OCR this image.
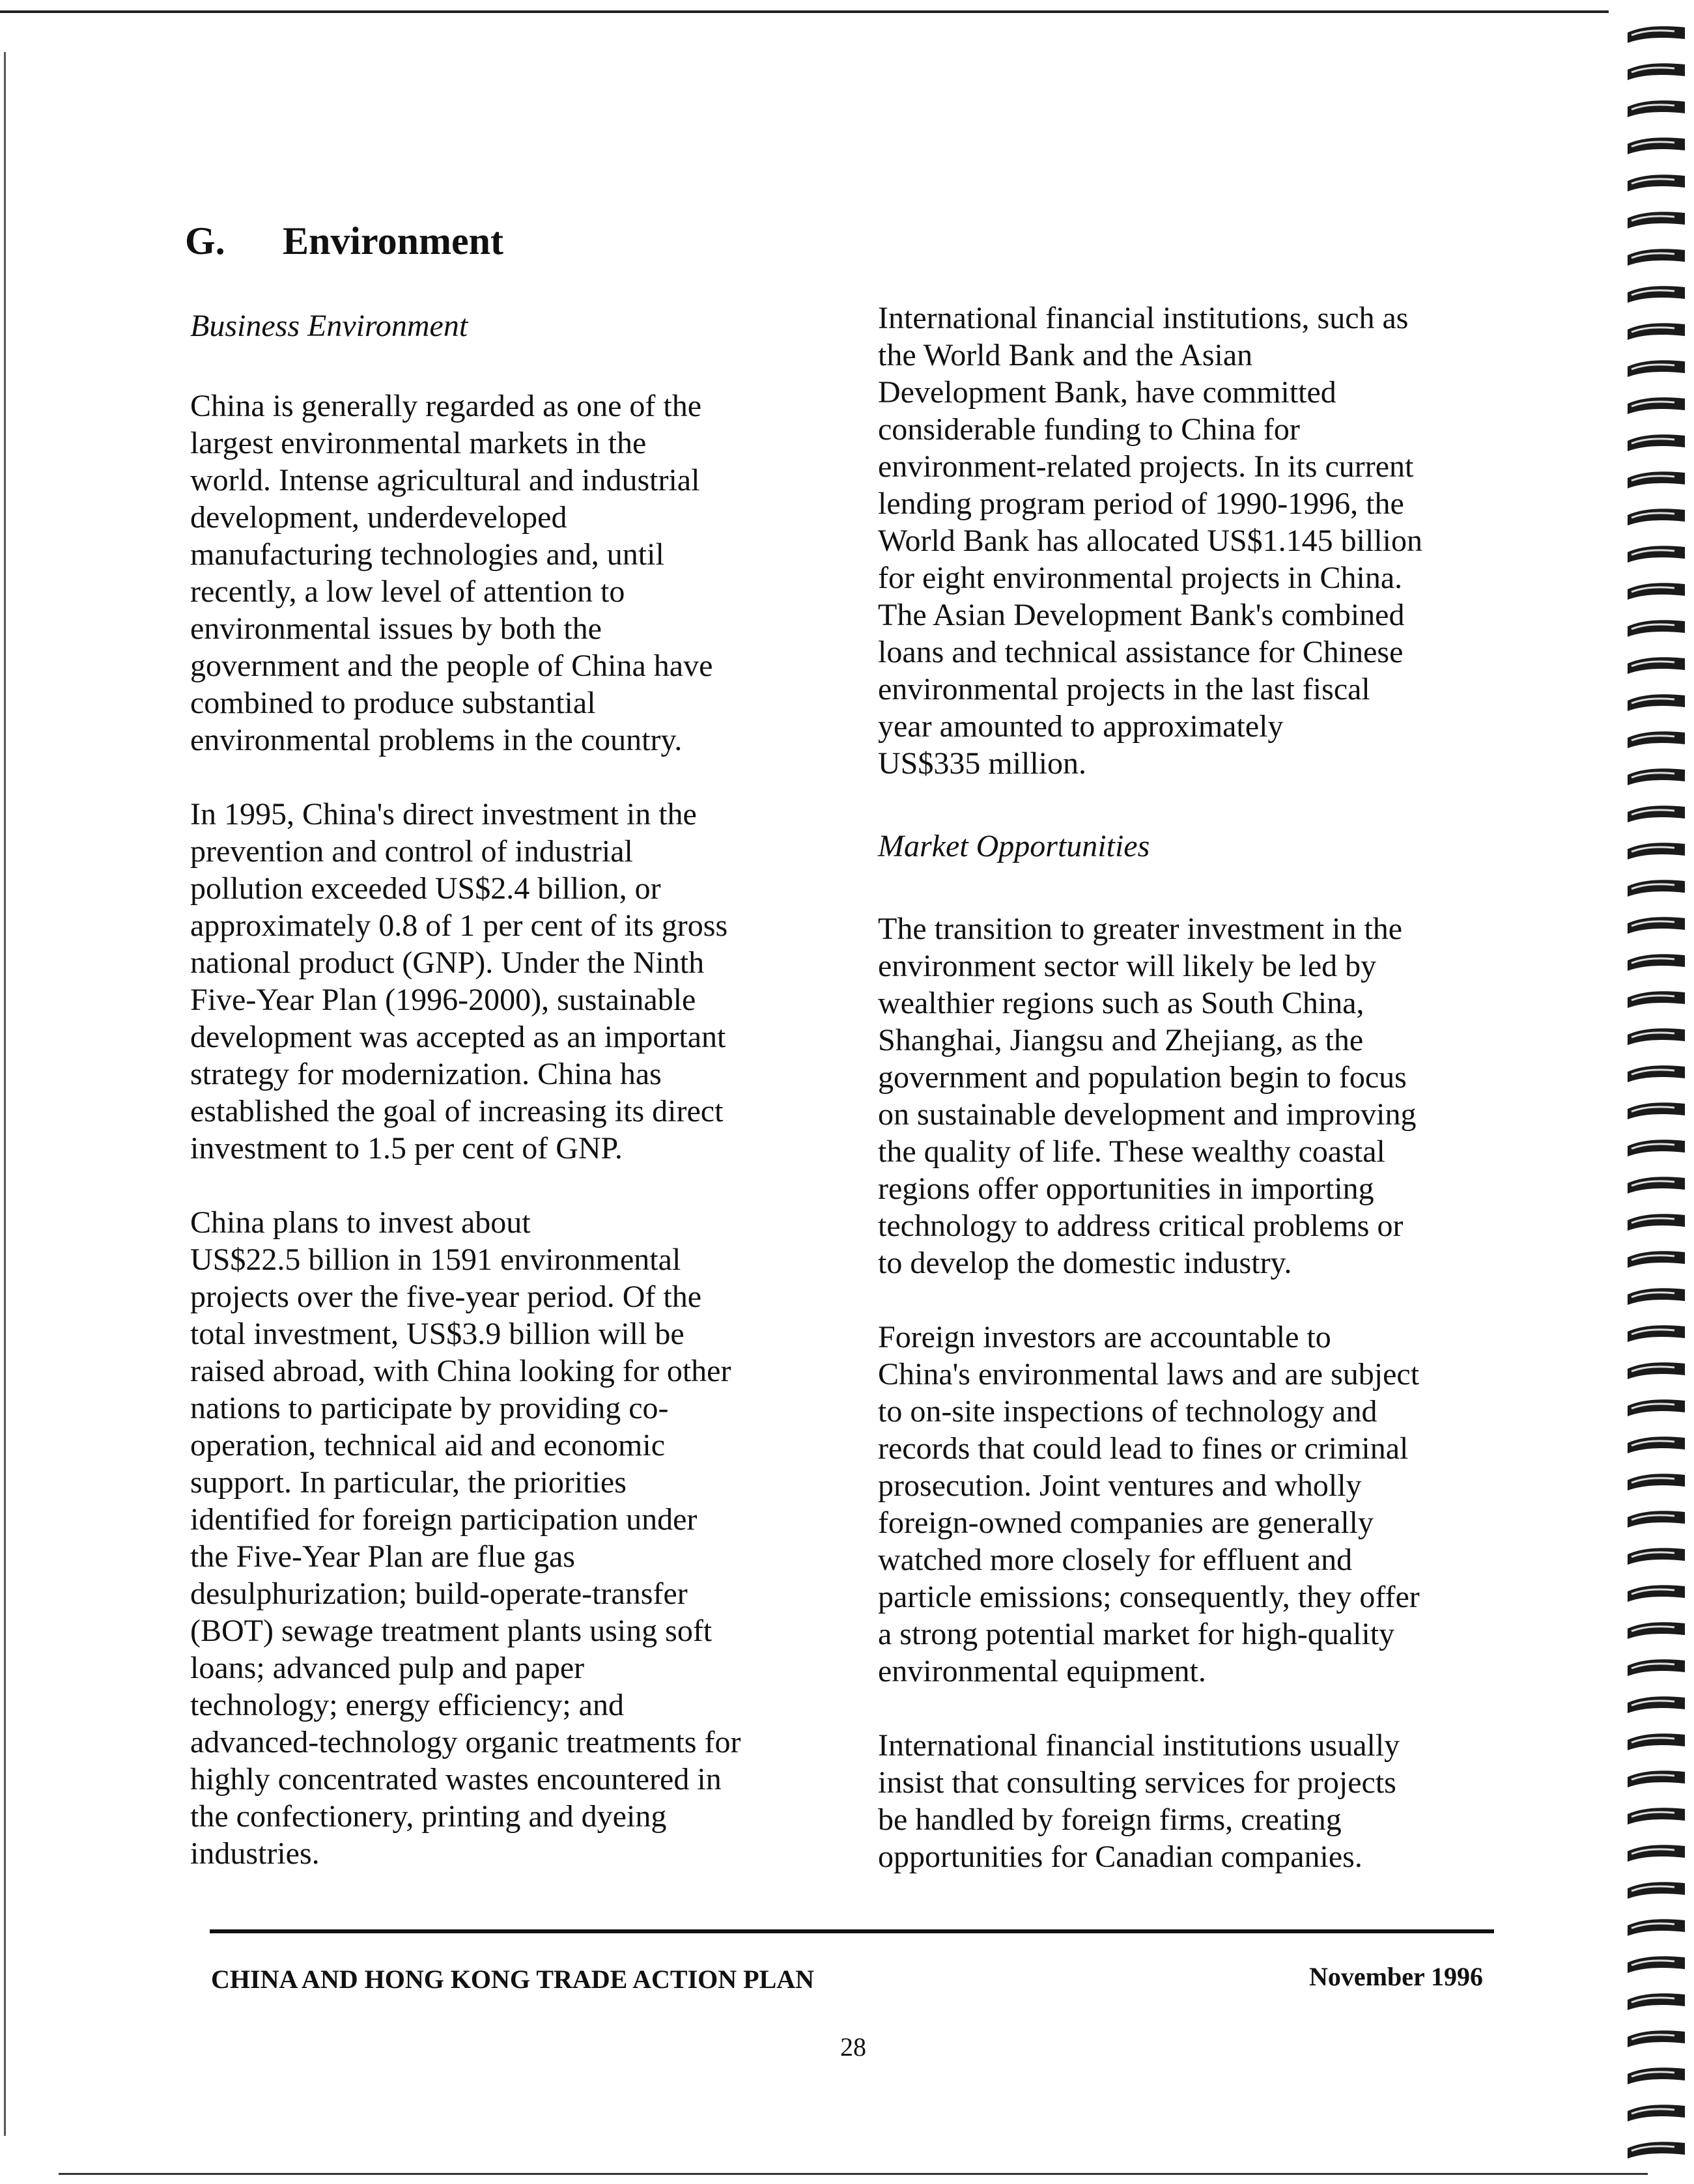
G. Environment

Business Environment

China is generally regarded as one of the
largest environmental markets in the
world. Intense agricultural and industrial
development, underdeveloped
manufacturing technologies and, until
recently, a low level of attention to
environmental issues by both the
government and the people of China have
combined to produce substantial
environmental problems in the country.
In 1995, China's direct investment in the
prevention and control of industrial
pollution exceeded US$2.4 billion, or
approximately 0.8 of 1 per cent of its gross
national product (GNP). Under the Ninth
Five-Year Plan (1996-2000), sustainable
development was accepted as an important
strategy for modernization. China has
established the goal of increasing its direct
investment to 1.5 per cent of GNP.
China plans to invest about
US$22.5 billion in 1591 environmental
projects over the five-year period. Of the
total investment, US$3.9 billion will be
raised abroad, with China looking for other
nations to participate by providing co-
operation, technical aid and economic
support. In particular, the priorities
identified for foreign participation under
the Five-Year Plan are flue gas
desulphurization; build-operate-transfer
(BOT) sewage treatment plants using soft
loans; advanced pulp and paper
technology; energy efficiency; and
advanced-technology organic treatments for
highly concentrated wastes encountered in
the confectionery, printing and dyeing
industries.
International financial institutions, such as
the World Bank and the Asian
Development Bank, have committed
considerable funding to China for
environment-related projects. In its current
lending program period of 1990-1996, the
World Bank has allocated US$1.145 billion
for eight environmental projects in China.
The Asian Development Bank's combined
loans and technical assistance for Chinese
environmental projects in the last fiscal
year amounted to approximately
US$335 million.

Market Opportunities

The transition to greater investment in the
environment sector will likely be led by
wealthier regions such as South China,
Shanghai, Jiangsu and Zhejiang, as the
government and population begin to focus
on sustainable development and improving
the quality of life. These wealthy coastal
regions offer opportunities in importing
technology to address critical problems or
to develop the domestic industry.
Foreign investors are accountable to
China's environmental laws and are subject
to on-site inspections of technology and
records that could lead to fines or criminal
prosecution. Joint ventures and wholly
foreign-owned companies are generally
watched more closely for effluent and
particle emissions; consequently, they offer
a strong potential market for high-quality
environmental equipment.
International financial institutions usually
insist that consulting services for projects
be handled by foreign firms, creating
opportunities for Canadian companies.
CHINA AND HONG KONG TRADE ACTION PLAN	November 1996
28
